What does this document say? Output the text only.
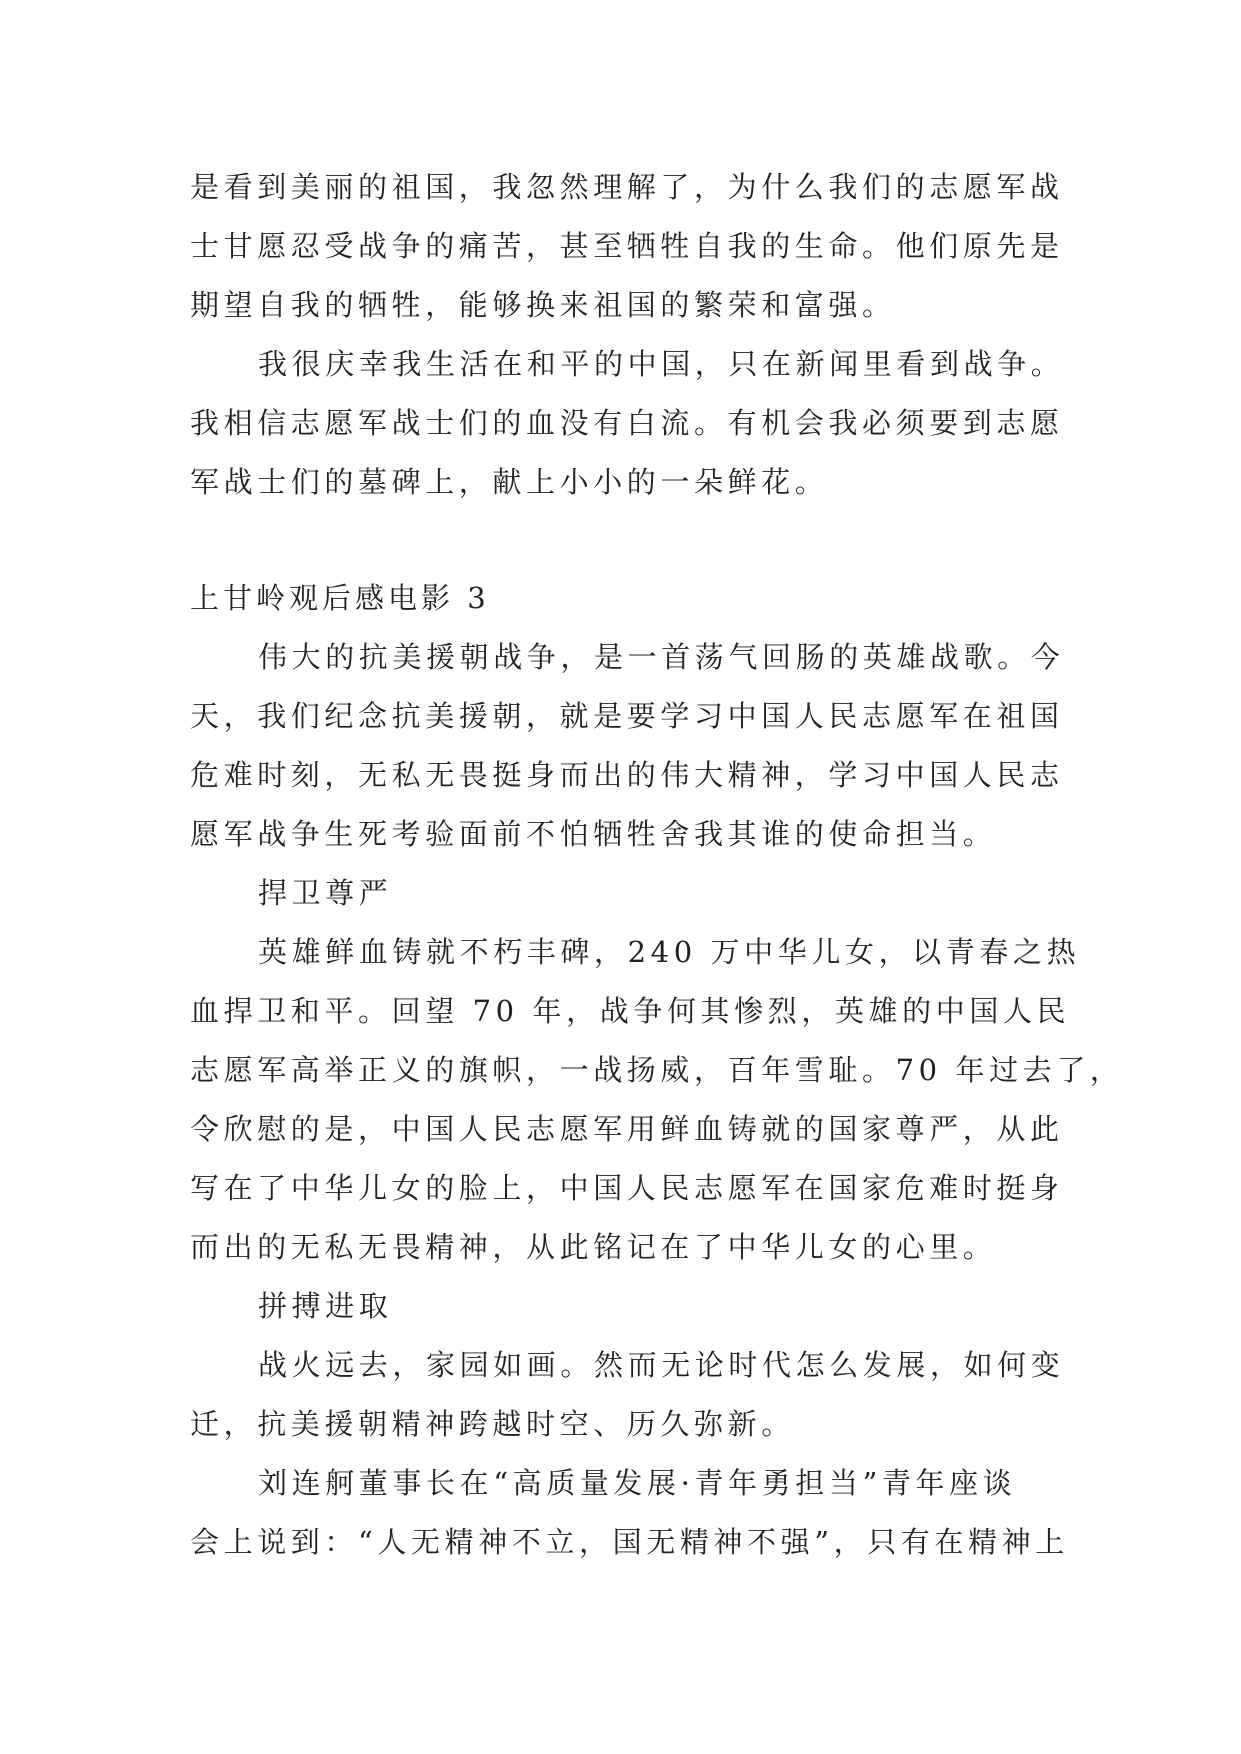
是看到美丽的祖国，我忽然理解了，为什么我们的志愿军战
士甘愿忍受战争的痛苦，甚至牺牲自我的生命。他们原先是
期望自我的牺牲，能够换来祖国的繁荣和富强。
我很庆幸我生活在和平的中国，只在新闻里看到战争。
我相信志愿军战士们的血没有白流。有机会我必须要到志愿
军战士们的墓碑上，献上小小的一朵鲜花。
上甘岭观后感电影 3
伟大的抗美援朝战争，是一首荡气回肠的英雄战歌。今
天，我们纪念抗美援朝，就是要学习中国人民志愿军在祖国
危难时刻，无私无畏挺身而出的伟大精神，学习中国人民志
愿军战争生死考验面前不怕牺牲舍我其谁的使命担当。
捍卫尊严
英雄鲜血铸就不朽丰碑，240 万中华儿女，以青春之热
血捍卫和平。回望 70 年，战争何其惨烈，英雄的中国人民
志愿军高举正义的旗帜，一战扬威，百年雪耻。70 年过去了，
令欣慰的是，中国人民志愿军用鲜血铸就的国家尊严，从此
写在了中华儿女的脸上，中国人民志愿军在国家危难时挺身
而出的无私无畏精神，从此铭记在了中华儿女的心里。
拼搏进取
战火远去，家园如画。然而无论时代怎么发展，如何变
迁，抗美援朝精神跨越时空、历久弥新。
刘连舸董事长在“高质量发展·青年勇担当”青年座谈
会上说到：“人无精神不立，国无精神不强”，只有在精神上
